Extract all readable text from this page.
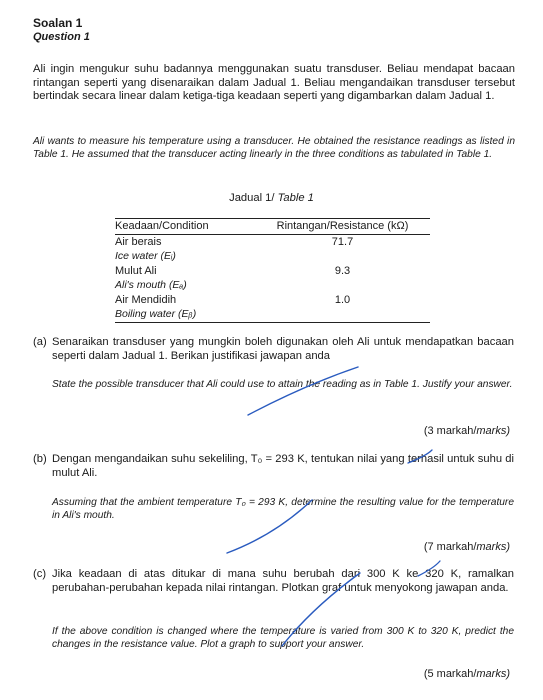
Soalan 1
Question 1
Ali ingin mengukur suhu badannya menggunakan suatu transduser. Beliau mendapat bacaan rintangan seperti yang disenaraikan dalam Jadual 1. Beliau mengandaikan transduser tersebut bertindak secara linear dalam ketiga-tiga keadaan seperti yang digambarkan dalam Jadual 1.
Ali wants to measure his temperature using a transducer. He obtained the resistance readings as listed in Table 1. He assumed that the transducer acting linearly in the three conditions as tabulated in Table 1.
Jadual 1/ Table 1
Keadaan/Condition	Rintangan/Resistance (kΩ)
Air berais	71.7
Ice water (Eᵢ)	
Mulut Ali	9.3
Ali's mouth (Eₐ)	
Air Mendidih	1.0
Boiling water (Eᵦ)	
(a) Senaraikan transduser yang mungkin boleh digunakan oleh Ali untuk mendapatkan bacaan seperti dalam Jadual 1. Berikan justifikasi jawapan anda
State the possible transducer that Ali could use to attain the reading as in Table 1. Justify your answer.
(3 markah/marks)
(b) Dengan mengandaikan suhu sekeliling, T₀ = 293 K, tentukan nilai yang terhasil untuk suhu di mulut Ali.
Assuming that the ambient temperature T₀ = 293 K, determine the resulting value for the temperature in Ali's mouth.
(7 markah/marks)
(c) Jika keadaan di atas ditukar di mana suhu berubah dari 300 K ke 320 K, ramalkan perubahan-perubahan kepada nilai rintangan. Plotkan graf untuk menyokong jawapan anda.
If the above condition is changed where the temperature is varied from 300 K to 320 K, predict the changes in the resistance value. Plot a graph to support your answer.
(5 markah/marks)
